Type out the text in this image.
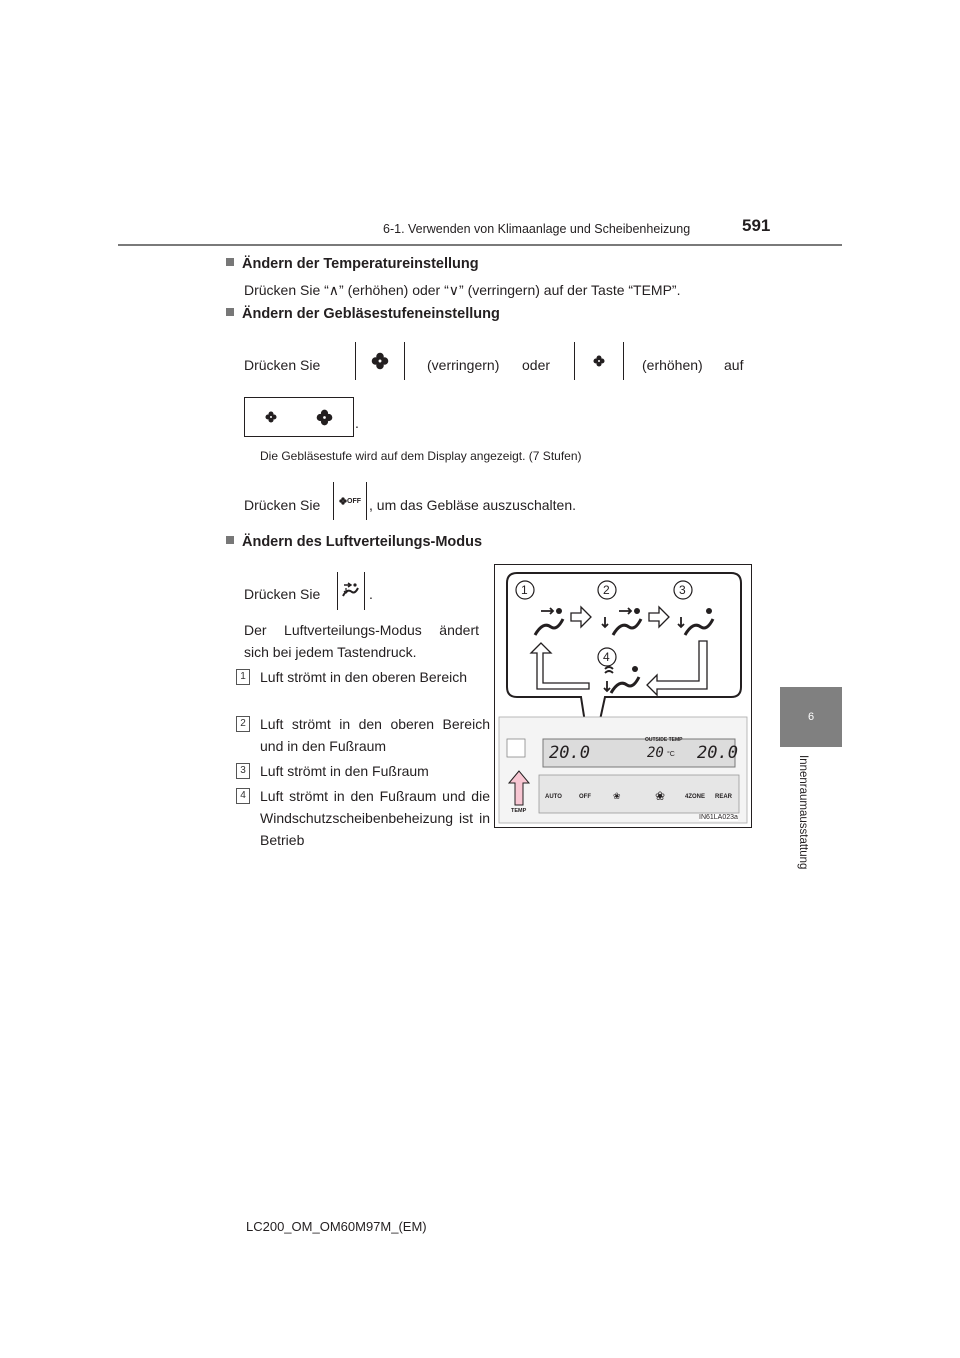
6-1. Verwenden von Klimaanlage und Scheibenheizung	591
6
Innenraumausstattung
Ändern der Temperatureinstellung
Drücken Sie “∧” (erhöhen) oder “∨” (verringern) auf der Taste “TEMP”.
Ändern der Gebläsestufeneinstellung
Drücken Sie	(verringern) oder	(erhöhen) auf
.
Die Gebläsestufe wird auf dem Display angezeigt. (7 Stufen)
Drücken Sie	OFF , um das Gebläse auszuschalten.
Ändern des Luftverteilungs-Modus
Drücken Sie	.
Der Luftverteilungs-Modus ändert sich bei jedem Tastendruck.
1	Luft strömt in den oberen Bereich
2	Luft strömt in den oberen Bereich und in den Fußraum
3	Luft strömt in den Fußraum
4	Luft strömt in den Fußraum und die Windschutzscheibenbeheizung ist in Betrieb
1	2	3
4
20.0
OUTSIDE TEMP
20 °C 20.0
AUTO	OFF ❀	❀	4ZONE REAR
TEMP
IN61LA023a
LC200_OM_OM60M97M_(EM)
